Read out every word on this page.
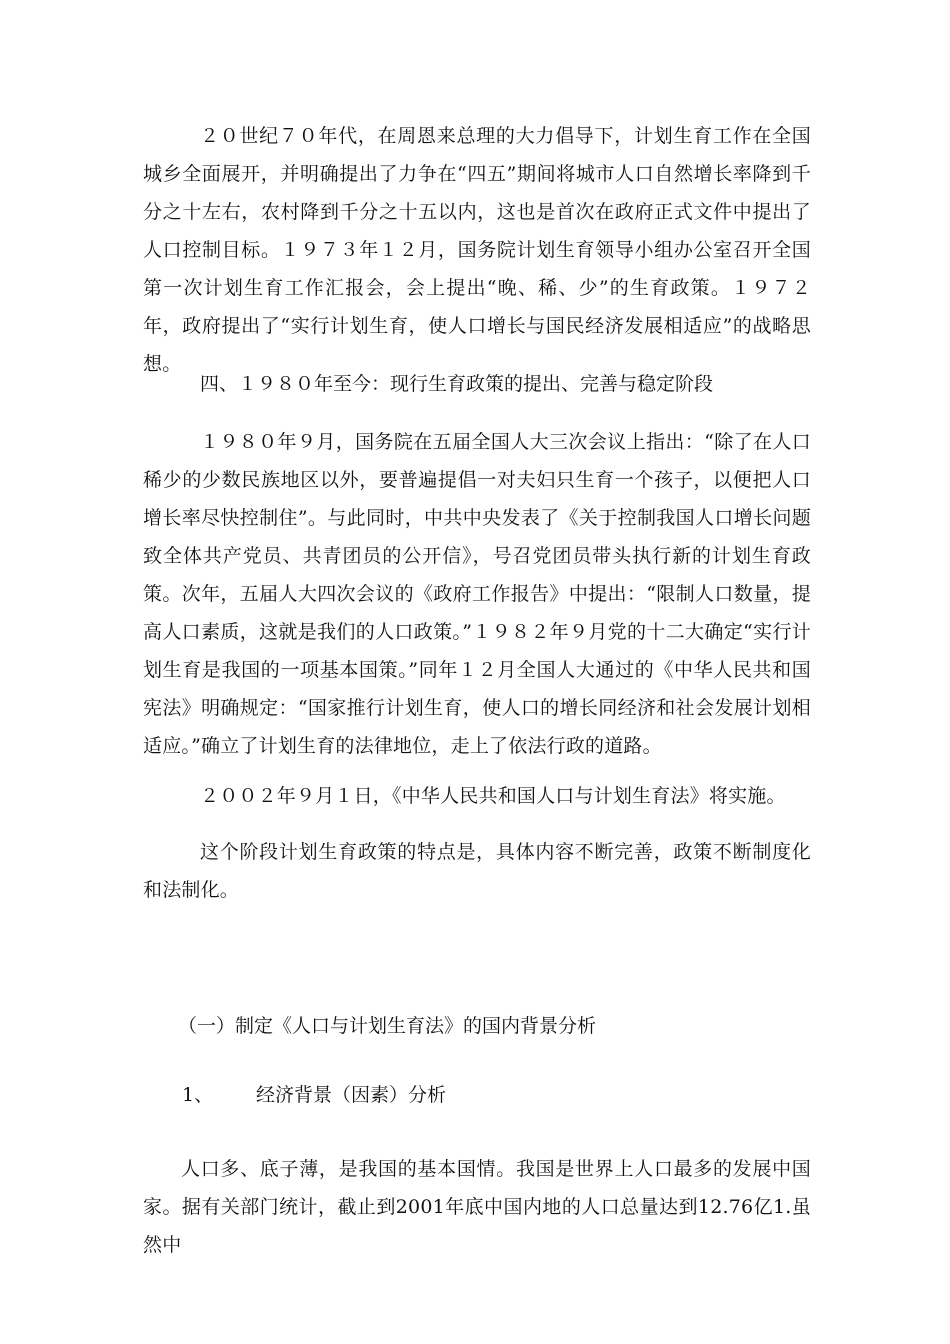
２０世纪７０年代，在周恩来总理的大力倡导下，计划生育工作在全国城乡全面展开，并明确提出了力争在“四五”期间将城市人口自然增长率降到千分之十左右，农村降到千分之十五以内，这也是首次在政府正式文件中提出了人口控制目标。１９７３年１２月，国务院计划生育领导小组办公室召开全国第一次计划生育工作汇报会，会上提出“晚、稀、少”的生育政策。１９７２年，政府提出了“实行计划生育，使人口增长与国民经济发展相适应”的战略思想。

四、１９８０年至今：现行生育政策的提出、完善与稳定阶段

１９８０年９月，国务院在五届全国人大三次会议上指出：“除了在人口稀少的少数民族地区以外，要普遍提倡一对夫妇只生育一个孩子，以便把人口增长率尽快控制住”。与此同时，中共中央发表了《关于控制我国人口增长问题致全体共产党员、共青团员的公开信》，号召党团员带头执行新的计划生育政策。次年，五届人大四次会议的《政府工作报告》中提出：“限制人口数量，提高人口素质，这就是我们的人口政策。”１９８２年９月党的十二大确定“实行计划生育是我国的一项基本国策。”同年１２月全国人大通过的《中华人民共和国宪法》明确规定：“国家推行计划生育，使人口的增长同经济和社会发展计划相适应。”确立了计划生育的法律地位，走上了依法行政的道路。

２００２年９月１日，《中华人民共和国人口与计划生育法》将实施。

这个阶段计划生育政策的特点是，具体内容不断完善，政策不断制度化和法制化。

（一）制定《人口与计划生育法》的国内背景分析

1、 经济背景（因素）分析

人口多、底子薄，是我国的基本国情。我国是世界上人口最多的发展中国家。据有关部门统计，截止到2001年底中国内地的人口总量达到12.76亿1.虽然中
